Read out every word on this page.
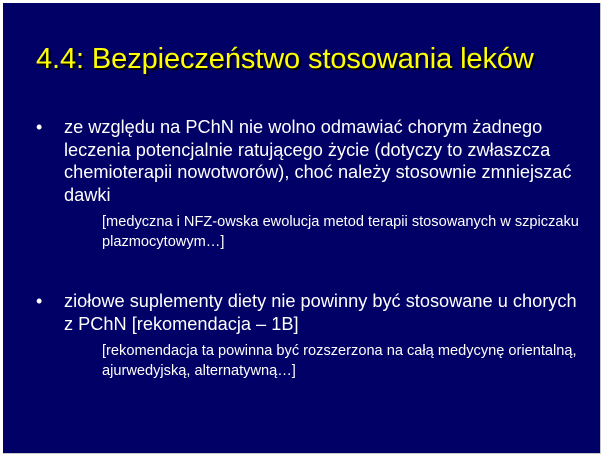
4.4: Bezpieczeństwo stosowania leków
• ze względu na PChN nie wolno odmawiać chorym żadnego leczenia potencjalnie ratującego życie (dotyczy to zwłaszcza chemioterapii nowotworów), choć należy stosownie zmniejszać dawki
[medyczna i NFZ-owska ewolucja metod terapii stosowanych w szpiczaku plazmocytowym…]
• ziołowe suplementy diety nie powinny być stosowane u chorych z PChN [rekomendacja – 1B]
[rekomendacja ta powinna być rozszerzona na całą medycynę orientalną, ajurwedyjską, alternatywną…]
